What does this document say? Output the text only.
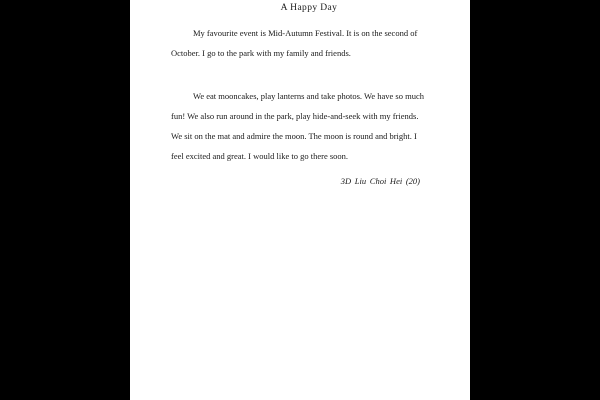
A Happy Day
My favourite event is Mid-Autumn Festival. It is on the second of
October. I go to the park with my family and friends.
We eat mooncakes, play lanterns and take photos. We have so much
fun! We also run around in the park, play hide-and-seek with my friends.
We sit on the mat and admire the moon. The moon is round and bright. I
feel excited and great. I would like to go there soon.
3D Liu Choi Hei (20)
